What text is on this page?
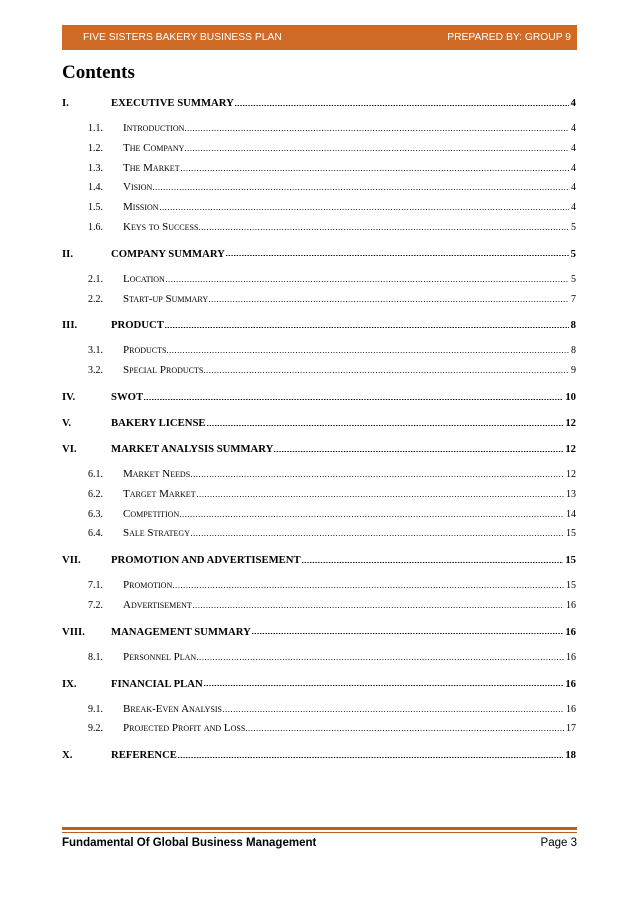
FIVE SISTERS BAKERY BUSINESS PLAN	PREPARED BY: GROUP 9
Contents
I.	EXECUTIVE SUMMARY	4
1.1.	Introduction	4
1.2.	The Company	4
1.3.	The Market	4
1.4.	Vision	4
1.5.	Mission	4
1.6.	Keys to Success	5
II.	COMPANY SUMMARY	5
2.1.	Location	5
2.2.	Start-up Summary	7
III.	PRODUCT	8
3.1.	Products	8
3.2.	Special Products	9
IV.	SWOT	10
V.	BAKERY LICENSE	12
VI.	MARKET ANALYSIS SUMMARY	12
6.1.	Market Needs	12
6.2.	Target Market	13
6.3.	Competition	14
6.4.	Sale Strategy	15
VII.	PROMOTION AND ADVERTISEMENT	15
7.1.	Promotion	15
7.2.	Advertisement	16
VIII.	MANAGEMENT SUMMARY	16
8.1.	Personnel Plan	16
IX.	FINANCIAL PLAN	16
9.1.	Break-Even Analysis	16
9.2.	Projected Profit and Loss	17
X.	REFERENCE	18
Fundamental Of Global Business Management	Page 3
